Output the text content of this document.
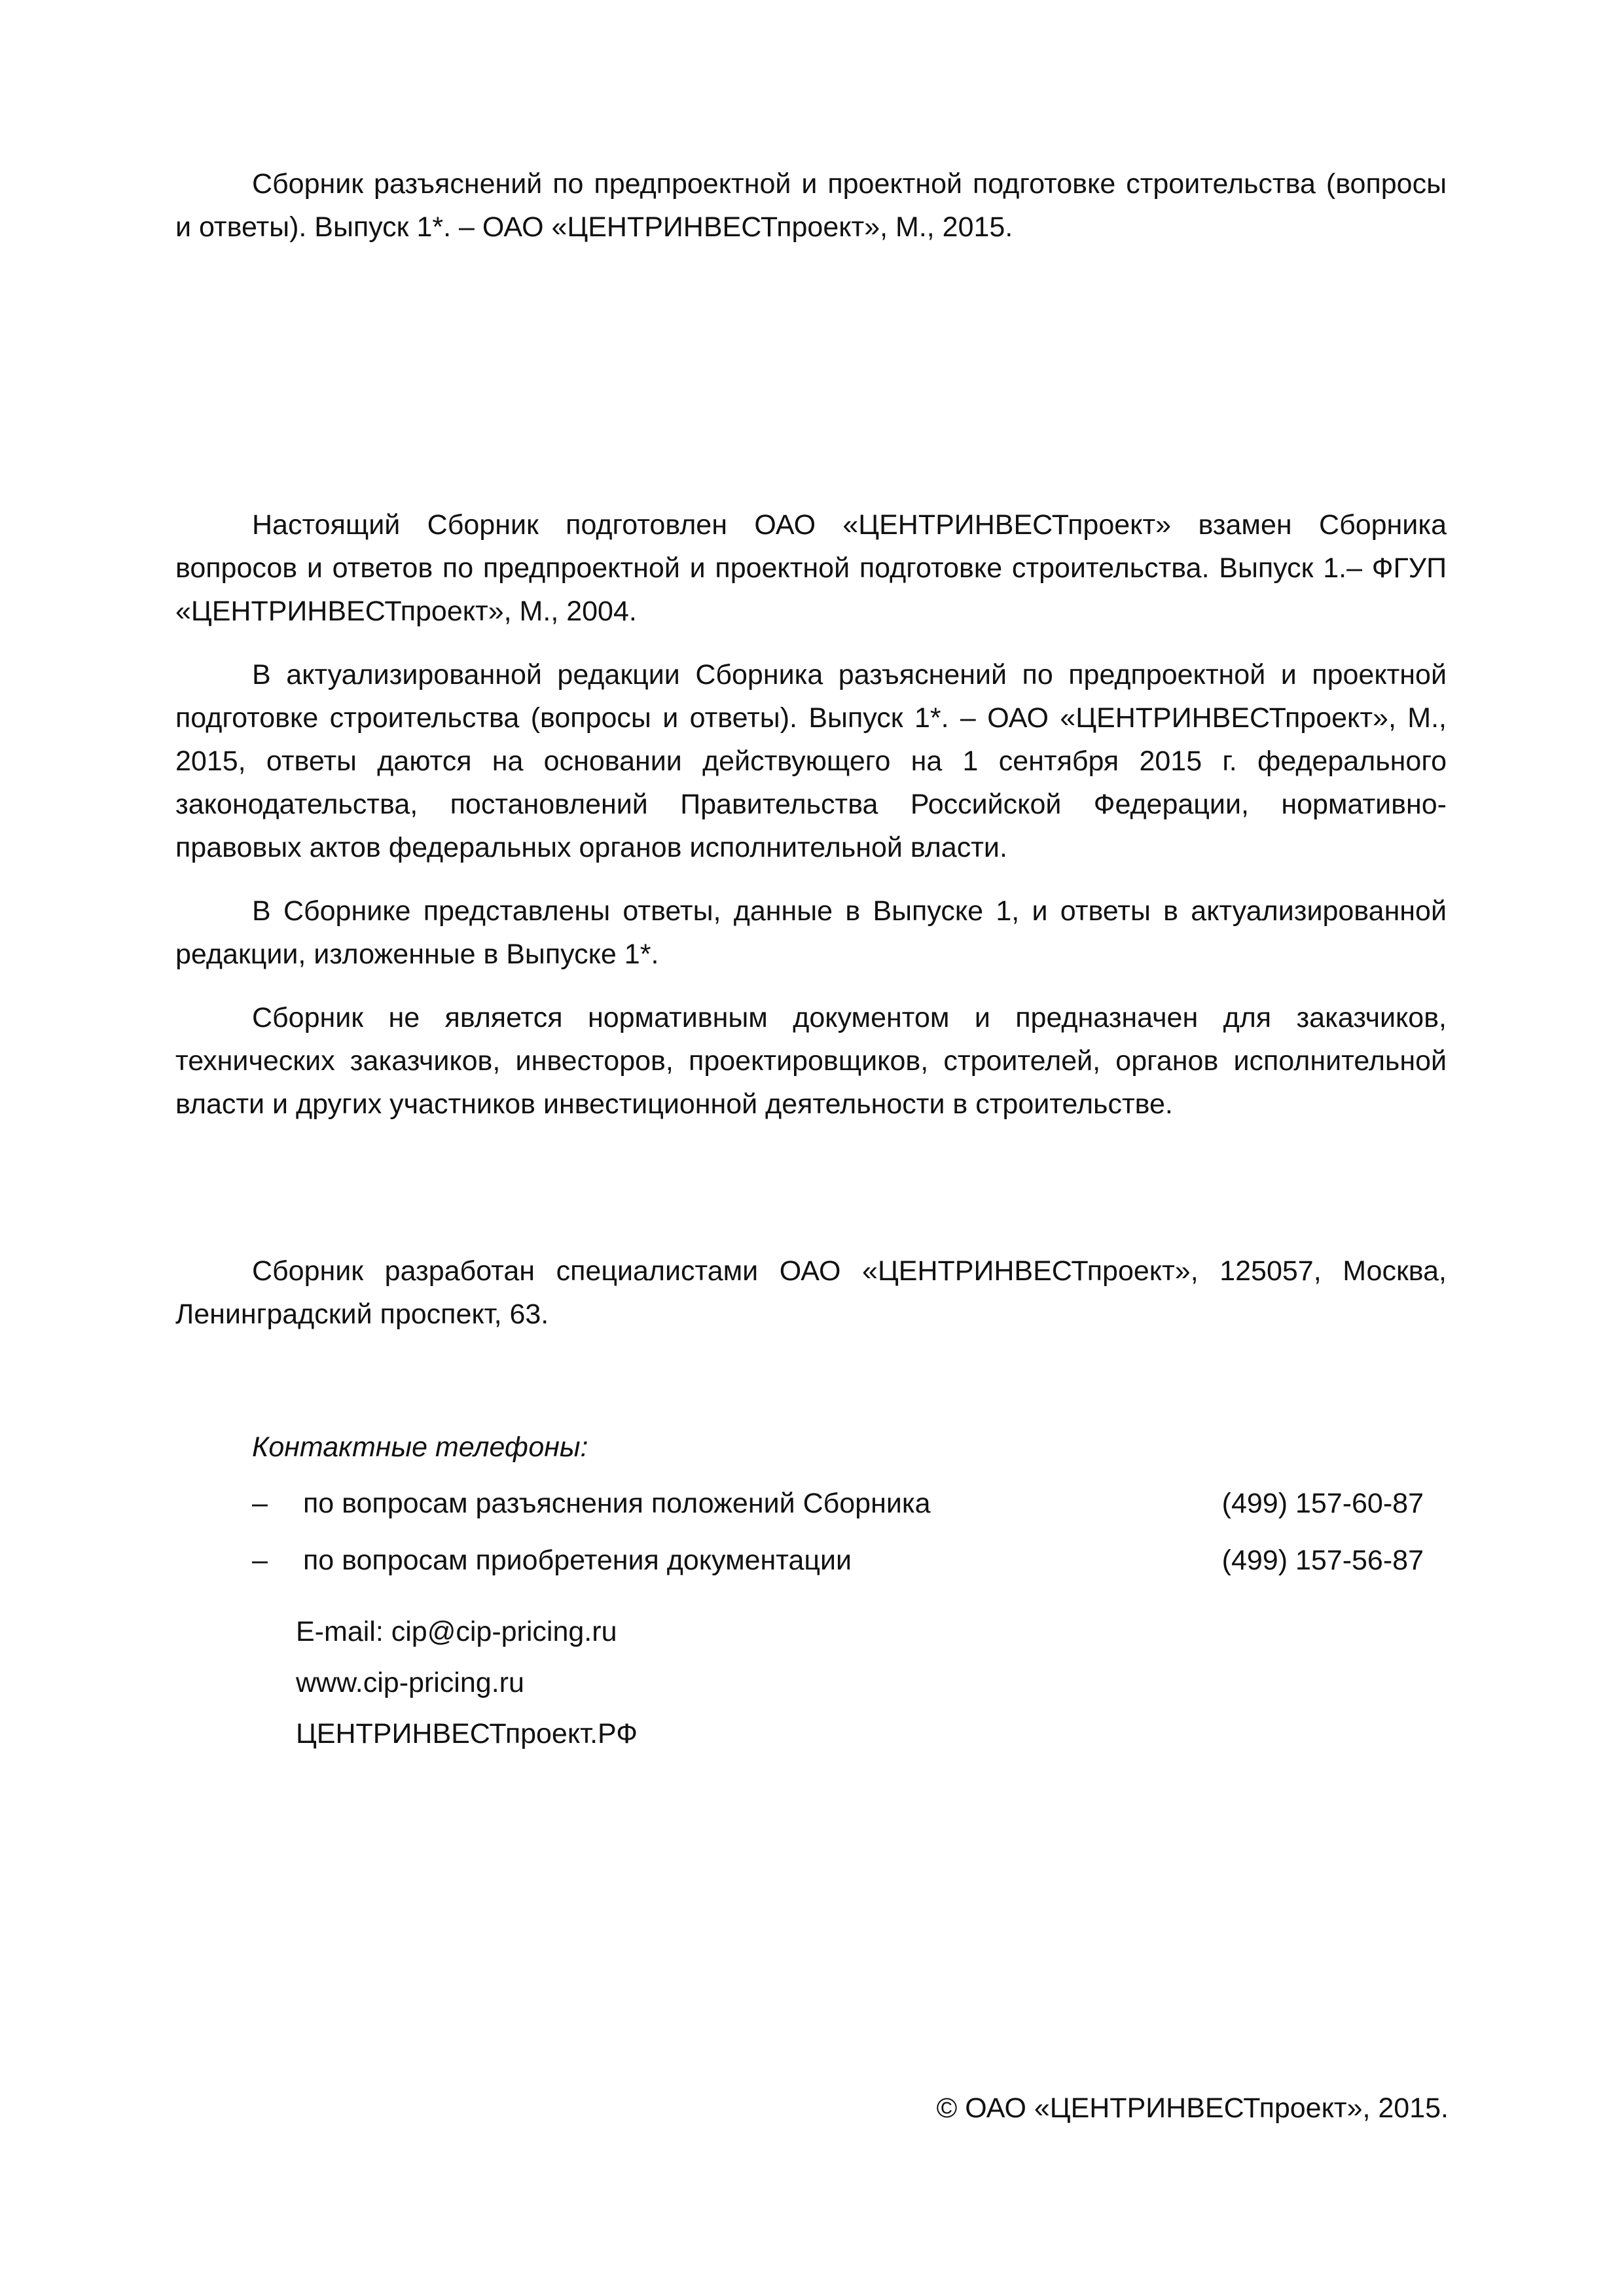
Сборник разъяснений по предпроектной и проектной подготовке строительства (вопросы и ответы). Выпуск 1*. – ОАО «ЦЕНТРИНВЕСТпроект», М., 2015.

Настоящий Сборник подготовлен ОАО «ЦЕНТРИНВЕСТпроект» взамен Сборника вопросов и ответов по предпроектной и проектной подготовке строительства. Выпуск 1.– ФГУП «ЦЕНТРИНВЕСТпроект», М., 2004.

В актуализированной редакции Сборника разъяснений по предпроектной и проектной подготовке строительства (вопросы и ответы). Выпуск 1*. – ОАО «ЦЕНТРИНВЕСТпроект», М., 2015, ответы даются на основании действующего на 1 сентября 2015 г. федерального законодательства, постановлений Правительства Российской Федерации, нормативно-правовых актов федеральных органов исполнительной власти.

В Сборнике представлены ответы, данные в Выпуске 1, и ответы в актуализированной редакции, изложенные в Выпуске 1*.

Сборник не является нормативным документом и предназначен для заказчиков, технических заказчиков, инвесторов, проектировщиков, строителей, органов исполнительной власти и других участников инвестиционной деятельности в строительстве.

Сборник разработан специалистами ОАО «ЦЕНТРИНВЕСТпроект», 125057, Москва, Ленинградский проспект, 63.

Контактные телефоны:

– по вопросам разъяснения положений Сборника	(499) 157-60-87
– по вопросам приобретения документации	(499) 157-56-87
E-mail: cip@cip-pricing.ru
www.cip-pricing.ru
ЦЕНТРИНВЕСТпроект.РФ

© ОАО «ЦЕНТРИНВЕСТпроект», 2015.
